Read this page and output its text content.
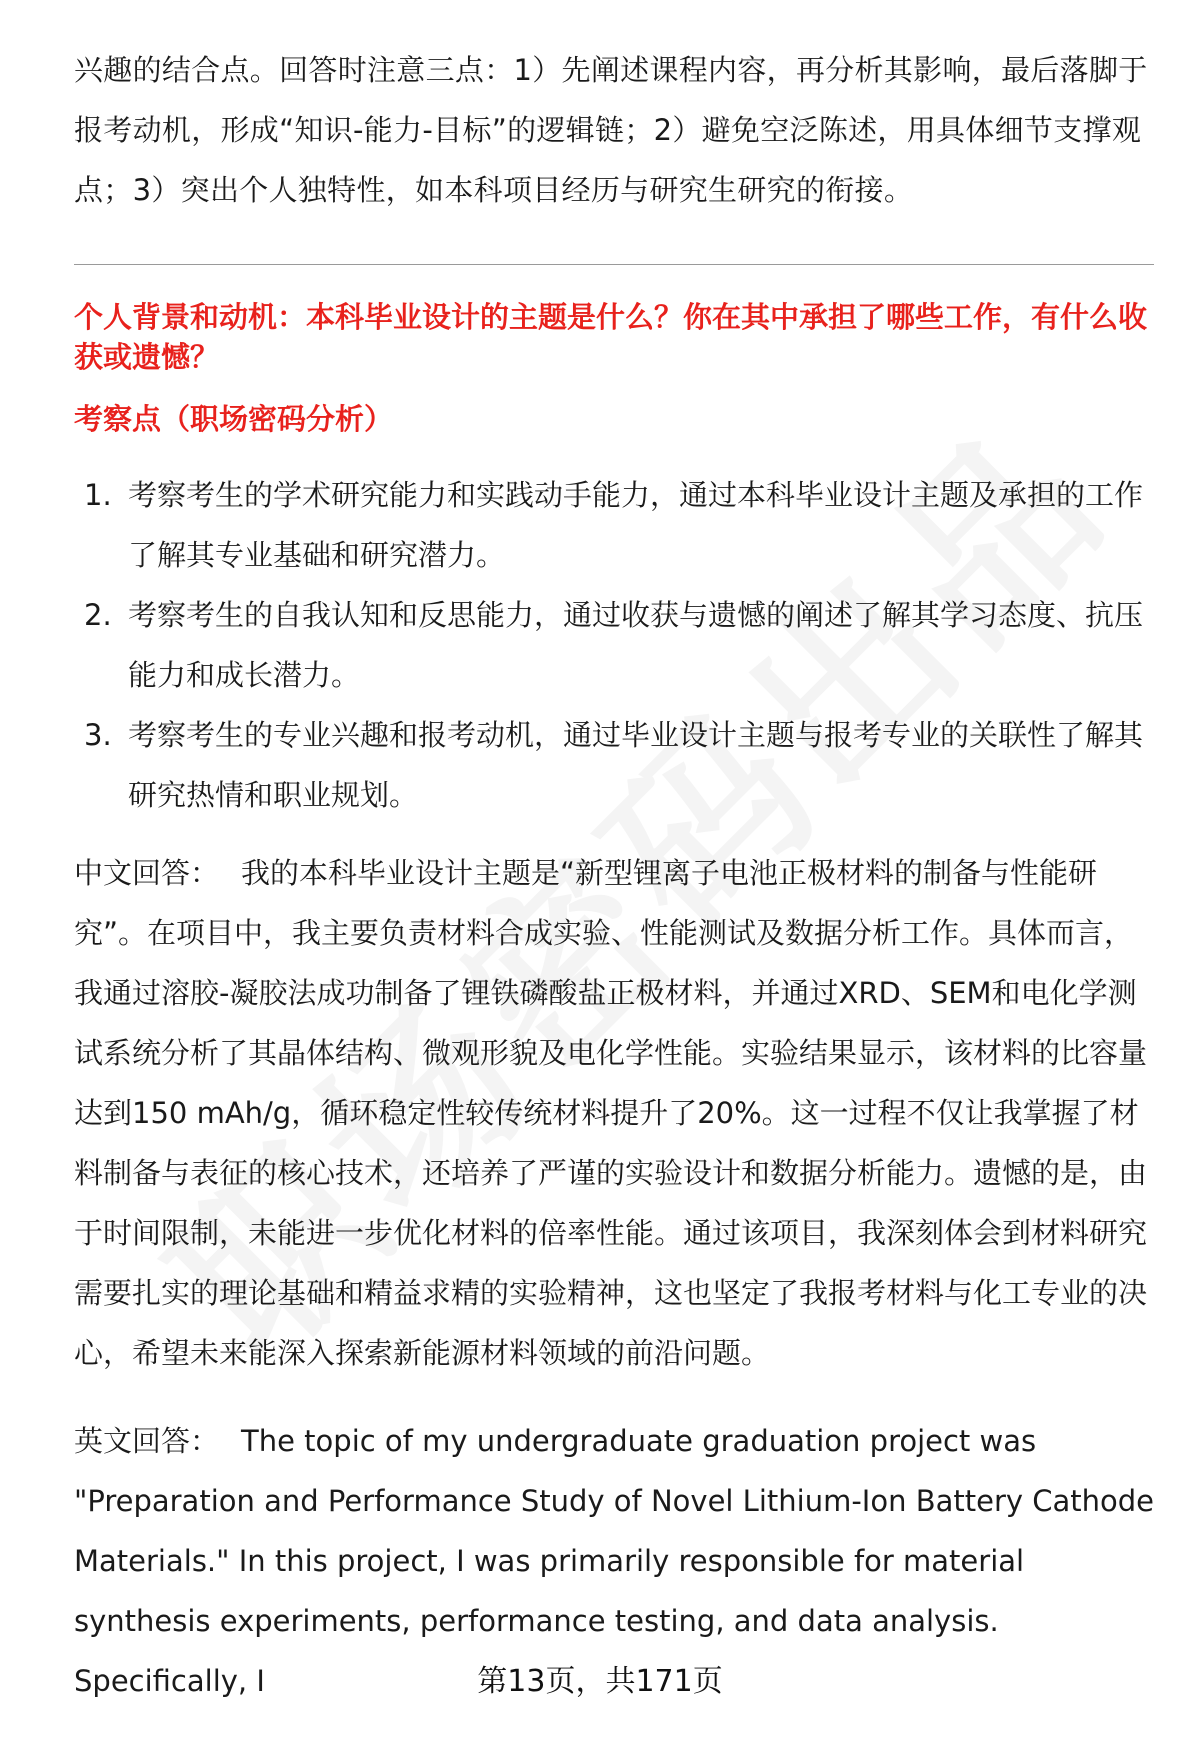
兴趣的结合点。回答时注意三点：1）先阐述课程内容，再分析其影响，最后落脚于报考动机，形成“知识-能力-目标”的逻辑链；2）避免空泛陈述，用具体细节支撑观点；3）突出个人独特性，如本科项目经历与研究生研究的衔接。

个人背景和动机：本科毕业设计的主题是什么？你在其中承担了哪些工作，有什么收获或遗憾？

考察点（职场密码分析）

1. 考察考生的学术研究能力和实践动手能力，通过本科毕业设计主题及承担的工作了解其专业基础和研究潜力。
2. 考察考生的自我认知和反思能力，通过收获与遗憾的阐述了解其学习态度、抗压能力和成长潜力。
3. 考察考生的专业兴趣和报考动机，通过毕业设计主题与报考专业的关联性了解其研究热情和职业规划。

中文回答： 我的本科毕业设计主题是“新型锂离子电池正极材料的制备与性能研究”。在项目中，我主要负责材料合成实验、性能测试及数据分析工作。具体而言，我通过溶胶-凝胶法成功制备了锂铁磷酸盐正极材料，并通过XRD、SEM和电化学测试系统分析了其晶体结构、微观形貌及电化学性能。实验结果显示，该材料的比容量达到150 mAh/g，循环稳定性较传统材料提升了20%。这一过程不仅让我掌握了材料制备与表征的核心技术，还培养了严谨的实验设计和数据分析能力。遗憾的是，由于时间限制，未能进一步优化材料的倍率性能。通过该项目，我深刻体会到材料研究需要扎实的理论基础和精益求精的实验精神，这也坚定了我报考材料与化工专业的决心，希望未来能深入探索新能源材料领域的前沿问题。

英文回答： The topic of my undergraduate graduation project was "Preparation and Performance Study of Novel Lithium-Ion Battery Cathode Materials." In this project, I was primarily responsible for material synthesis experiments, performance testing, and data analysis. Specifically, I	第13页，共171页
